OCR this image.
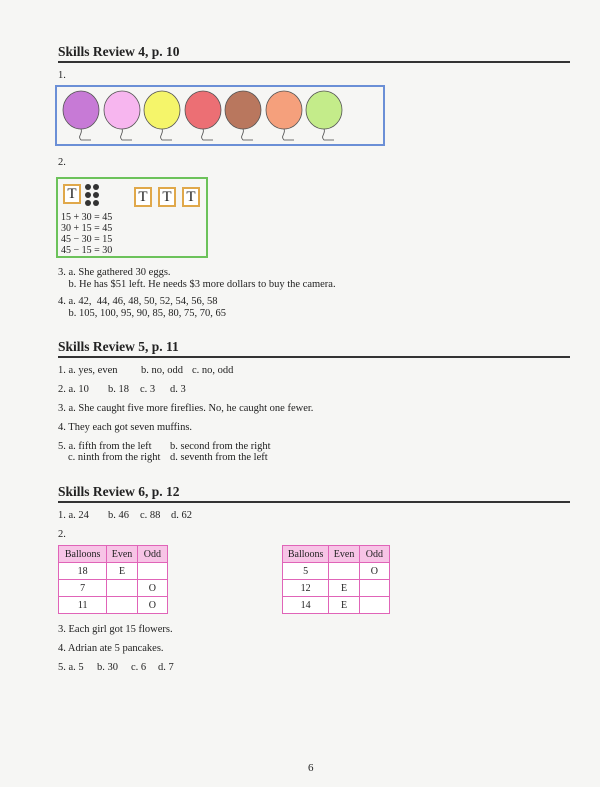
Skills Review 4, p. 10
1.
2.
T	T T T
15 + 30 = 45
30 + 15 = 45
45 − 30 = 15
45 − 15 = 30
3. a. She gathered 30 eggs.
b. He has $51 left. He needs $3 more dollars to buy the camera.
4. a. 42,  44, 46, 48, 50, 52, 54, 56, 58
b. 105, 100, 95, 90, 85, 80, 75, 70, 65
Skills Review 5, p. 11
1. a. yes, even b. no, odd c. no, odd
2. a. 10 b. 18 c. 3 d. 3
3. a. She caught five more fireflies. No, he caught one fewer.
4. They each got seven muffins.
5. a. fifth from the left b. second from the right
c. ninth from the right d. seventh from the left
Skills Review 6, p. 12
1. a. 24 b. 46 c. 88 d. 62
2.
Balloons	Even	Odd
18	E	
7		O
11		O
Balloons	Even	Odd
5		O
12	E	
14	E	
3. Each girl got 15 flowers.
4. Adrian ate 5 pancakes.
5. a. 5 b. 30 c. 6 d. 7
6
